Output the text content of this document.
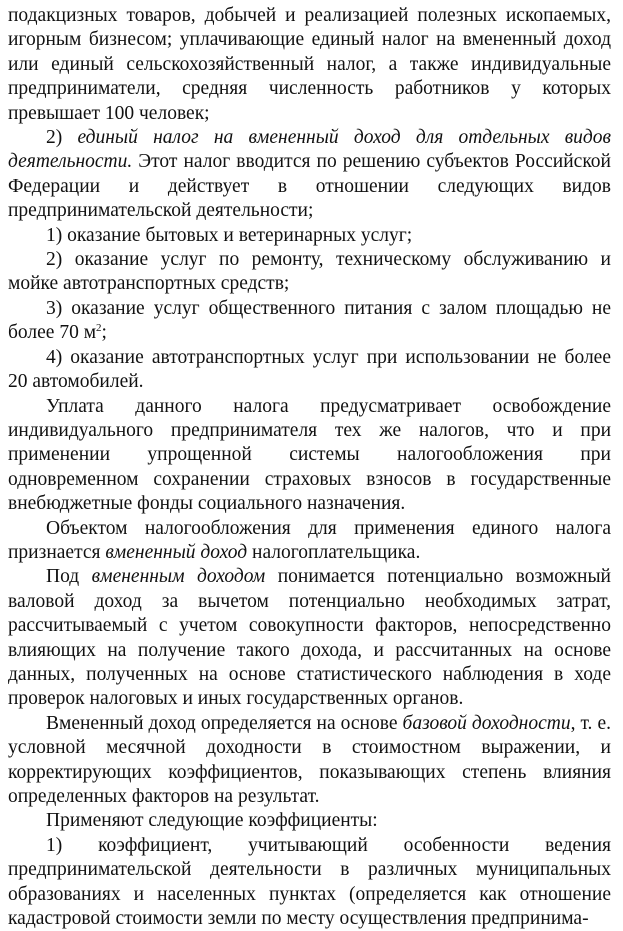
подакцизных товаров, добычей и реализацией полезных ископаемых, игорным бизнесом; уплачивающие единый налог на вмененный доход или единый сельскохозяйственный налог, а также индивидуальные предприниматели, средняя численность работников у которых превышает 100 человек;

2) единый налог на вмененный доход для отдельных видов деятельности. Этот налог вводится по решению субъектов Российской Федерации и действует в отношении следующих видов предпринимательской деятельности;

1) оказание бытовых и ветеринарных услуг;

2) оказание услуг по ремонту, техническому обслуживанию и мойке автотранспортных средств;

3) оказание услуг общественного питания с залом площадью не более 70 $м^2$;

4) оказание автотранспортных услуг при использовании не более 20 автомобилей.

Уплата данного налога предусматривает освобождение индивидуального предпринимателя тех же налогов, что и при применении упрощенной системы налогообложения при одновременном сохранении страховых взносов в государственные внебюджетные фонды социального назначения.

Объектом налогообложения для применения единого налога признается вмененный доход налогоплательщика.

Под вмененным доходом понимается потенциально возможный валовой доход за вычетом потенциально необходимых затрат, рассчитываемый с учетом совокупности факторов, непосредственно влияющих на получение такого дохода, и рассчитанных на основе данных, полученных на основе статистического наблюдения в ходе проверок налоговых и иных государственных органов.

Вмененный доход определяется на основе базовой доходности, т. е. условной месячной доходности в стоимостном выражении, и корректирующих коэффициентов, показывающих степень влияния определенных факторов на результат.

Применяют следующие коэффициенты:

1) коэффициент, учитывающий особенности ведения предпринимательской деятельности в различных муниципальных образованиях и населенных пунктах (определяется как отношение кадастровой стоимости земли по месту осуществления предпринима-
